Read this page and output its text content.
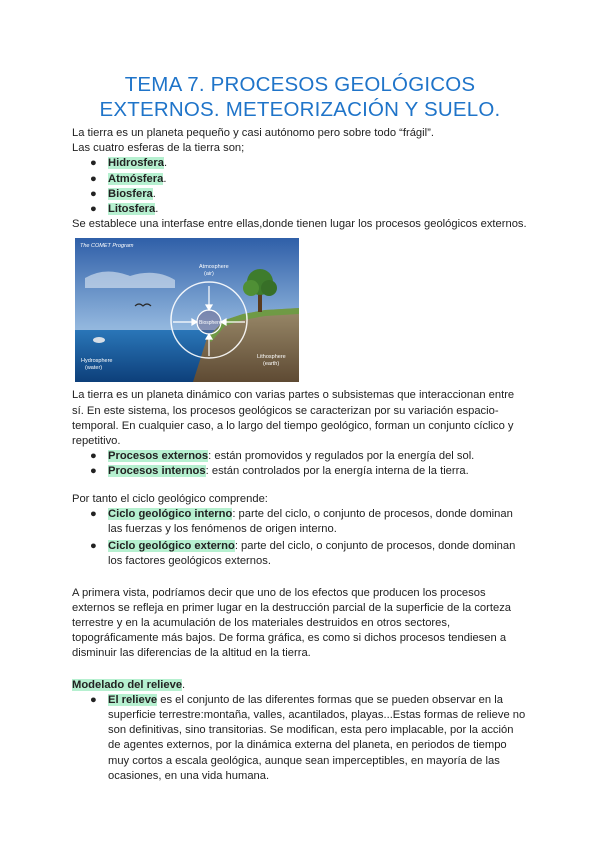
TEMA 7. PROCESOS GEOLÓGICOS
EXTERNOS. METEORIZACIÓN Y SUELO.

La tierra es un planeta pequeño y casi autónomo pero sobre todo “frágil”.

Las cuatro esferas de la tierra son;

● Hidrosfera.
● Atmósfera.
● Biosfera.
● Litosfera.

Se establece una interfase entre ellas,donde tienen lugar los procesos geológicos externos.

The COMET Program
Atmosphere
(air)
Biosphere
Hydrosphere
(water)
Lithosphere
(earth)

La tierra es un planeta dinámico con varias partes o subsistemas que interaccionan entre sí. En este sistema, los procesos geológicos se caracterizan por su variación espacio-temporal. En cualquier caso, a lo largo del tiempo geológico, forman un conjunto cíclico y repetitivo.

● Procesos externos: están promovidos y regulados por la energía del sol.
● Procesos internos: están controlados por la energía interna de la tierra.

Por tanto el ciclo geológico comprende:

● Ciclo geológico interno: parte del ciclo, o conjunto de procesos, donde dominan las fuerzas y los fenómenos de origen interno.
● Ciclo geológico externo: parte del ciclo, o conjunto de procesos, donde dominan los factores geológicos externos.

A primera vista, podríamos decir que uno de los efectos que producen los procesos externos se refleja en primer lugar en la destrucción parcial de la superficie de la corteza terrestre y en la acumulación de los materiales destruidos en otros sectores, topográficamente más bajos. De forma gráfica, es como si dichos procesos tendiesen a disminuir las diferencias de la altitud en la tierra.

Modelado del relieve.

● El relieve es el conjunto de las diferentes formas que se pueden observar en la superficie terrestre:montaña, valles, acantilados, playas...Estas formas de relieve no son definitivas, sino transitorias. Se modifican, esta pero implacable, por la acción de agentes externos, por la dinámica externa del planeta, en periodos de tiempo muy cortos a escala geológica, aunque sean imperceptibles, en mayoría de las ocasiones, en una vida humana.
